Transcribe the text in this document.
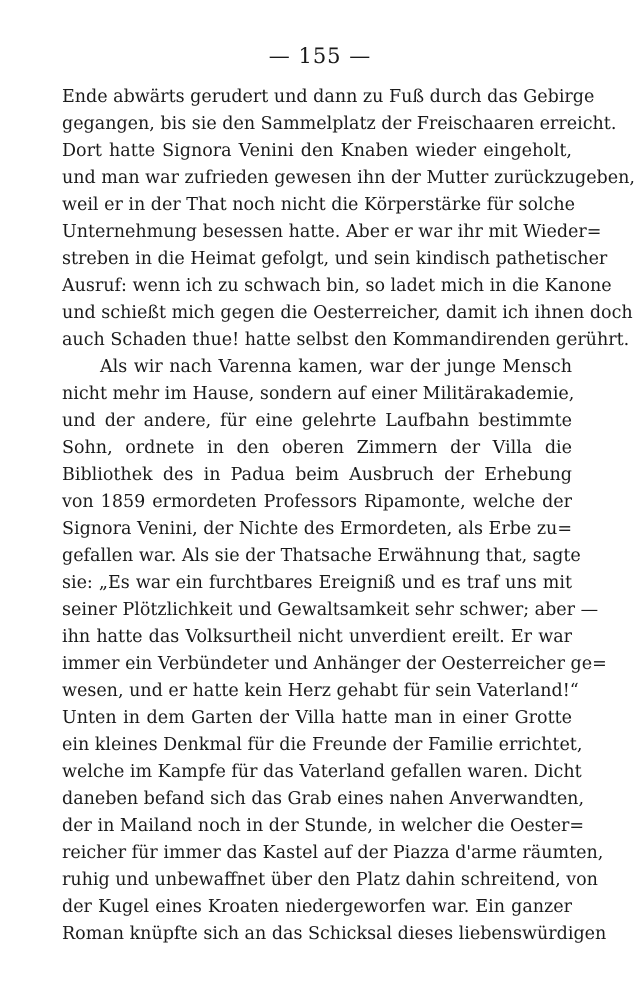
— 155 —
Ende abwärts gerudert und dann zu Fuß durch das Gebirge
gegangen, bis sie den Sammelplatz der Freischaaren erreicht.
Dort hatte Signora Venini den Knaben wieder eingeholt,
und man war zufrieden gewesen ihn der Mutter zurückzugeben,
weil er in der That noch nicht die Körperstärke für solche
Unternehmung besessen hatte. Aber er war ihr mit Wieder=
streben in die Heimat gefolgt, und sein kindisch pathetischer
Ausruf: wenn ich zu schwach bin, so ladet mich in die Kanone
und schießt mich gegen die Oesterreicher, damit ich ihnen doch
auch Schaden thue! hatte selbst den Kommandirenden gerührt.
Als wir nach Varenna kamen, war der junge Mensch
nicht mehr im Hause, sondern auf einer Militärakademie,
und der andere, für eine gelehrte Laufbahn bestimmte
Sohn, ordnete in den oberen Zimmern der Villa die
Bibliothek des in Padua beim Ausbruch der Erhebung
von 1859 ermordeten Professors Ripamonte, welche der
Signora Venini, der Nichte des Ermordeten, als Erbe zu=
gefallen war. Als sie der Thatsache Erwähnung that, sagte
sie: „Es war ein furchtbares Ereigniß und es traf uns mit
seiner Plötzlichkeit und Gewaltsamkeit sehr schwer; aber —
ihn hatte das Volksurtheil nicht unverdient ereilt. Er war
immer ein Verbündeter und Anhänger der Oesterreicher ge=
wesen, und er hatte kein Herz gehabt für sein Vaterland!“
Unten in dem Garten der Villa hatte man in einer Grotte
ein kleines Denkmal für die Freunde der Familie errichtet,
welche im Kampfe für das Vaterland gefallen waren. Dicht
daneben befand sich das Grab eines nahen Anverwandten,
der in Mailand noch in der Stunde, in welcher die Oester=
reicher für immer das Kastel auf der Piazza d'arme räumten,
ruhig und unbewaffnet über den Platz dahin schreitend, von
der Kugel eines Kroaten niedergeworfen war. Ein ganzer
Roman knüpfte sich an das Schicksal dieses liebenswürdigen
